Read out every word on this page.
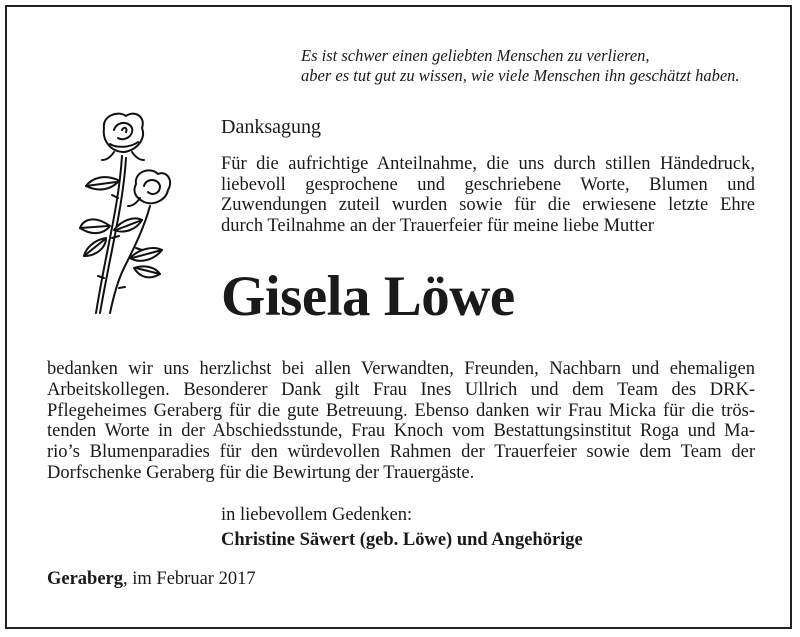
Es ist schwer einen geliebten Menschen zu verlieren,
aber es tut gut zu wissen, wie viele Menschen ihn geschätzt haben.
Danksagung
Für die aufrichtige Anteilnahme, die uns durch stillen Händedruck,
liebevoll gesprochene und geschriebene Worte, Blumen und
Zuwendungen zuteil wurden sowie für die erwiesene letzte Ehre
durch Teilnahme an der Trauerfeier für meine liebe Mutter
Gisela Löwe
bedanken wir uns herzlichst bei allen Verwandten, Freunden, Nachbarn und ehemaligen
Arbeitskollegen. Besonderer Dank gilt Frau Ines Ullrich und dem Team des DRK-
Pflegeheimes Geraberg für die gute Betreuung. Ebenso danken wir Frau Micka für die trös-
tenden Worte in der Abschiedsstunde, Frau Knoch vom Bestattungsinstitut Roga und Ma-
rio’s Blumenparadies für den würdevollen Rahmen der Trauerfeier sowie dem Team der
Dorfschenke Geraberg für die Bewirtung der Trauergäste.
in liebevollem Gedenken:
Christine Säwert (geb. Löwe) und Angehörige
Geraberg, im Februar 2017
